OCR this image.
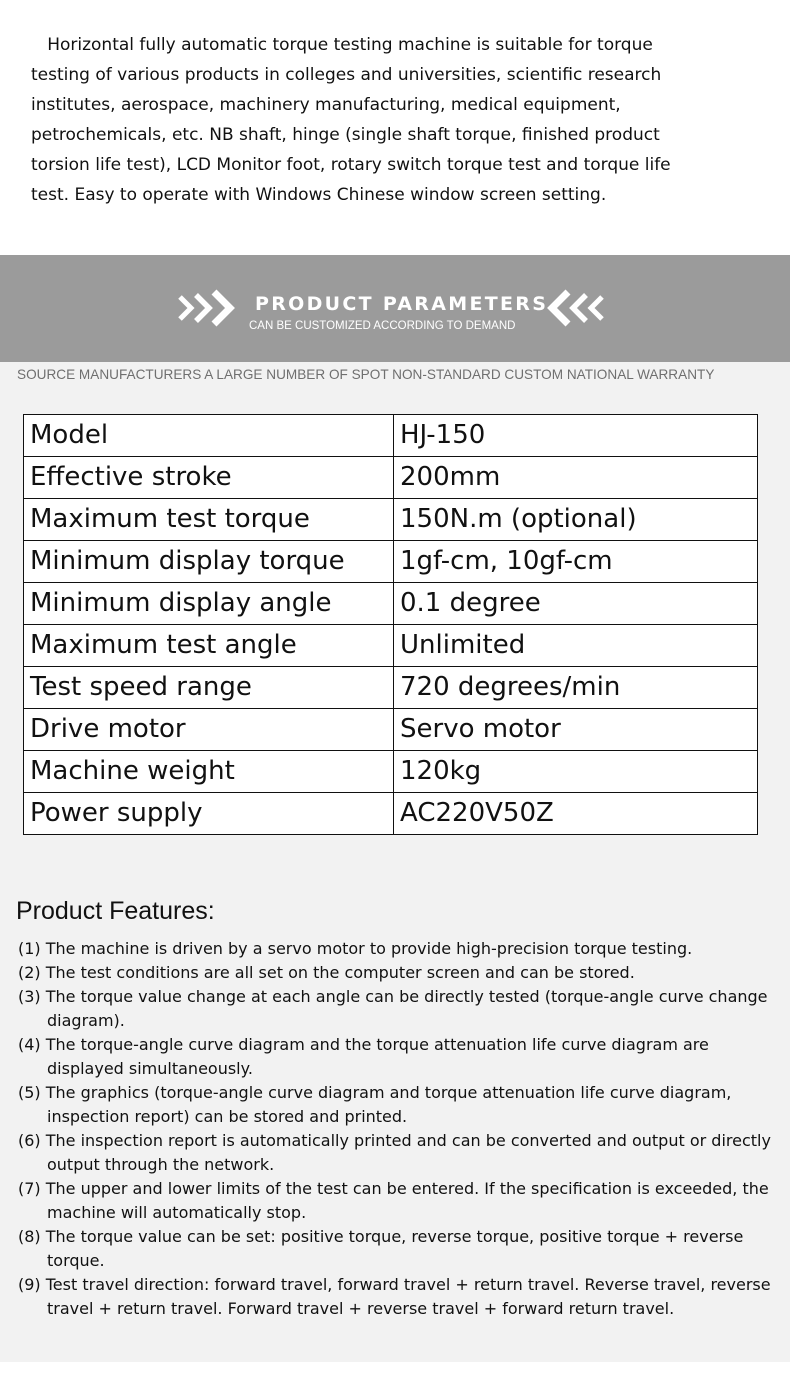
Horizontal fully automatic torque testing machine is suitable for torque
testing of various products in colleges and universities, scientific research
institutes, aerospace, machinery manufacturing, medical equipment,
petrochemicals, etc. NB shaft, hinge (single shaft torque, finished product
torsion life test), LCD Monitor foot, rotary switch torque test and torque life
test. Easy to operate with Windows Chinese window screen setting.
PRODUCT PARAMETERS
CAN BE CUSTOMIZED ACCORDING TO DEMAND
SOURCE MANUFACTURERS A LARGE NUMBER OF SPOT NON-STANDARD CUSTOM NATIONAL WARRANTY
Model	HJ-150
Effective stroke	200mm
Maximum test torque	150N.m (optional)
Minimum display torque	1gf-cm, 10gf-cm
Minimum display angle	0.1 degree
Maximum test angle	Unlimited
Test speed range	720 degrees/min
Drive motor	Servo motor
Machine weight	120kg
Power supply	AC220V50Z
Product Features:

(1) The machine is driven by a servo motor to provide high-precision torque testing.

(2) The test conditions are all set on the computer screen and can be stored.

(3) The torque value change at each angle can be directly tested (torque-angle curve change diagram).

(4) The torque-angle curve diagram and the torque attenuation life curve diagram are displayed simultaneously.

(5) The graphics (torque-angle curve diagram and torque attenuation life curve diagram, inspection report) can be stored and printed.

(6) The inspection report is automatically printed and can be converted and output or directly output through the network.

(7) The upper and lower limits of the test can be entered. If the specification is exceeded, the machine will automatically stop.

(8) The torque value can be set: positive torque, reverse torque, positive torque + reverse torque.

(9) Test travel direction: forward travel, forward travel + return travel. Reverse travel, reverse travel + return travel. Forward travel + reverse travel + forward return travel.
